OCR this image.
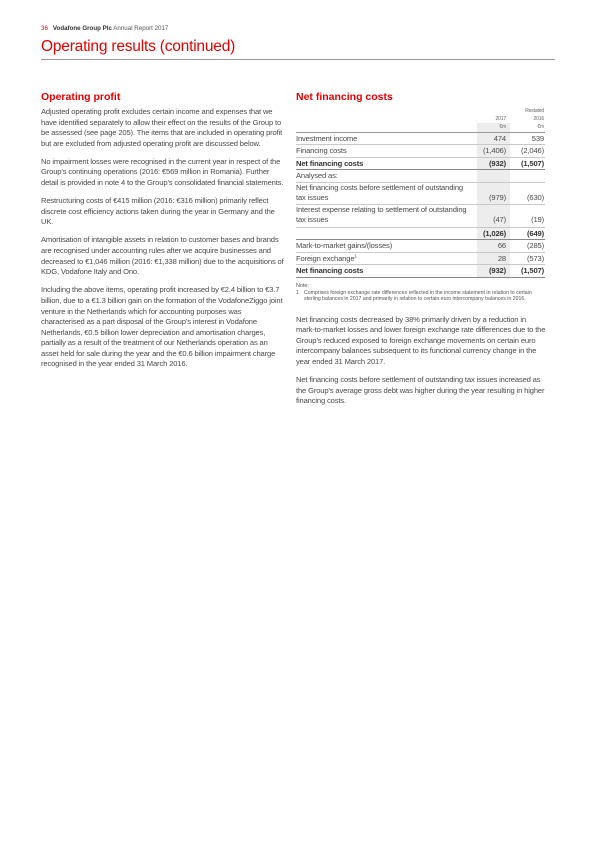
36 Vodafone Group Plc Annual Report 2017
Operating results (continued)
Operating profit

Adjusted operating profit excludes certain income and expenses that we have identified separately to allow their effect on the results of the Group to be assessed (see page 205). The items that are included in operating profit but are excluded from adjusted operating profit are discussed below.

No impairment losses were recognised in the current year in respect of the Group’s continuing operations (2016: €569 million in Romania). Further detail is provided in note 4 to the Group’s consolidated financial statements.

Restructuring costs of €415 million (2016: €316 million) primarily reflect discrete cost efficiency actions taken during the year in Germany and the UK.

Amortisation of intangible assets in relation to customer bases and brands are recognised under accounting rules after we acquire businesses and decreased to €1,046 million (2016: €1,338 million) due to the acquisitions of KDG, Vodafone Italy and Ono.

Including the above items, operating profit increased by €2.4 billion to €3.7 billion, due to a €1.3 billion gain on the formation of the VodafoneZiggo joint venture in the Netherlands which for accounting purposes was characterised as a part disposal of the Group’s interest in Vodafone Netherlands, €0.5 billion lower depreciation and amortisation charges, partially as a result of the treatment of our Netherlands operation as an asset held for sale during the year and the €0.6 billion impairment charge recognised in the year ended 31 March 2016.

Net financing costs
		Restated
	2017	2016
	€m	€m
Investment income	474	539
Financing costs	(1,406)	(2,046)
Net financing costs	(932)	(1,507)
Analysed as:		
Net financing costs before settlement of outstanding tax issues	(979)	(630)
Interest expense relating to settlement of outstanding tax issues	(47)	(19)
	(1,026)	(649)
Mark-to-market gains/(losses)	66	(285)
Foreign exchange$^1$	28	(573)
Net financing costs	(932)	(1,507)

Note:

1 Comprises foreign exchange rate differences reflected in the income statement in relation to certain sterling balances in 2017 and primarily in relation to certain euro intercompany balances in 2016.

Net financing costs decreased by 38% primarily driven by a reduction in mark-to-market losses and lower foreign exchange rate differences due to the Group’s reduced exposed to foreign exchange movements on certain euro intercompany balances subsequent to its functional currency change in the year ended 31 March 2017.

Net financing costs before settlement of outstanding tax issues increased as the Group’s average gross debt was higher during the year resulting in higher financing costs.
